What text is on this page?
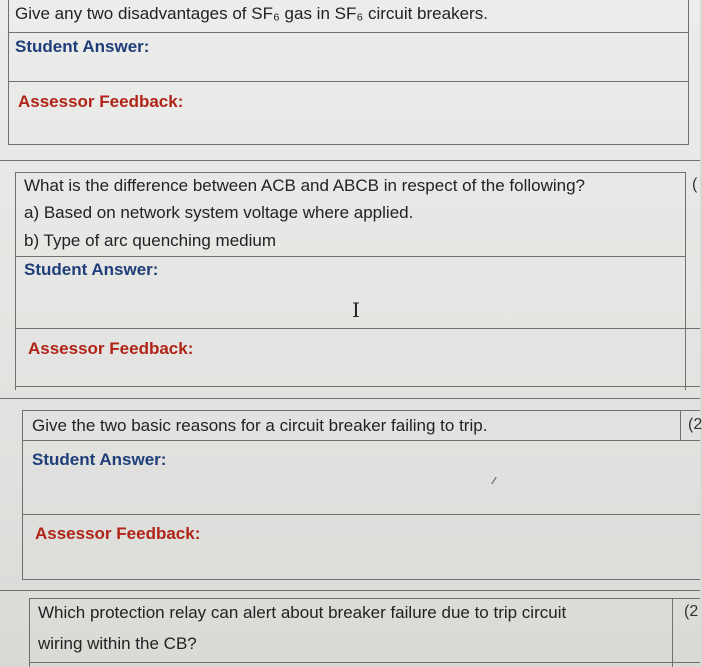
Give any two disadvantages of SF₆ gas in SF₆ circuit breakers.
Student Answer:
Assessor Feedback:
What is the difference between ACB and ABCB in respect of the following?	(
a) Based on network system voltage where applied.
b) Type of arc quenching medium
Student Answer:
I
Assessor Feedback:
Give the two basic reasons for a circuit breaker failing to trip.	(2
Student Answer:
Assessor Feedback:
Which protection relay can alert about breaker failure due to trip circuit
wiring within the CB?
(2
